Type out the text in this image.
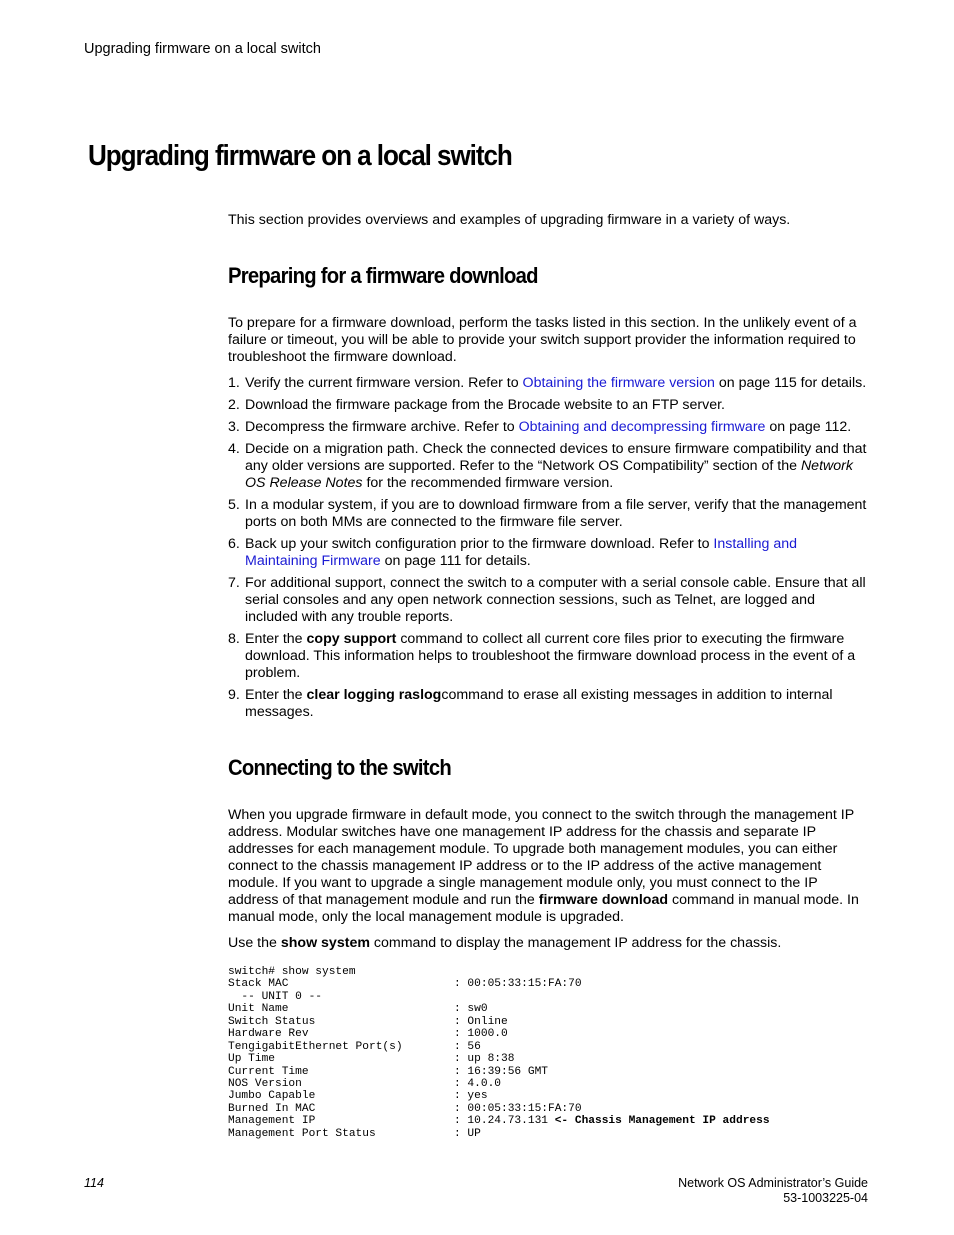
Upgrading firmware on a local switch
Upgrading firmware on a local switch

This section provides overviews and examples of upgrading firmware in a variety of ways.

Preparing for a firmware download

To prepare for a firmware download, perform the tasks listed in this section. In the unlikely event of a failure or timeout, you will be able to provide your switch support provider the information required to troubleshoot the firmware download.

1. Verify the current firmware version. Refer to Obtaining the firmware version on page 115 for details.
2. Download the firmware package from the Brocade website to an FTP server.
3. Decompress the firmware archive. Refer to Obtaining and decompressing firmware on page 112.
4. Decide on a migration path. Check the connected devices to ensure firmware compatibility and that any older versions are supported. Refer to the “Network OS Compatibility” section of the Network OS Release Notes for the recommended firmware version.
5. In a modular system, if you are to download firmware from a file server, verify that the management ports on both MMs are connected to the firmware file server.
6. Back up your switch configuration prior to the firmware download. Refer to Installing and Maintaining Firmware on page 111 for details.
7. For additional support, connect the switch to a computer with a serial console cable. Ensure that all serial consoles and any open network connection sessions, such as Telnet, are logged and included with any trouble reports.
8. Enter the copy support command to collect all current core files prior to executing the firmware download. This information helps to troubleshoot the firmware download process in the event of a problem.
9. Enter the clear logging raslogcommand to erase all existing messages in addition to internal messages.
Connecting to the switch

When you upgrade firmware in default mode, you connect to the switch through the management IP address. Modular switches have one management IP address for the chassis and separate IP addresses for each management module. To upgrade both management modules, you can either connect to the chassis management IP address or to the IP address of the active management module. If you want to upgrade a single management module only, you must connect to the IP address of that management module and run the firmware download command in manual mode. In manual mode, only the local management module is upgraded.

Use the show system command to display the management IP address for the chassis.

switch# show system
Stack MAC	: 00:05:33:15:FA:70
-- UNIT 0 --
Unit Name	: sw0
Switch Status	: Online
Hardware Rev	: 1000.0
TengigabitEthernet Port(s)	: 56
Up Time	: up 8:38
Current Time	: 16:39:56 GMT
NOS Version	: 4.0.0
Jumbo Capable	: yes
Burned In MAC	: 00:05:33:15:FA:70
Management IP	: 10.24.73.131 <- Chassis Management IP address
Management Port Status	: UP
114	Network OS Administrator’s Guide
53-1003225-04
